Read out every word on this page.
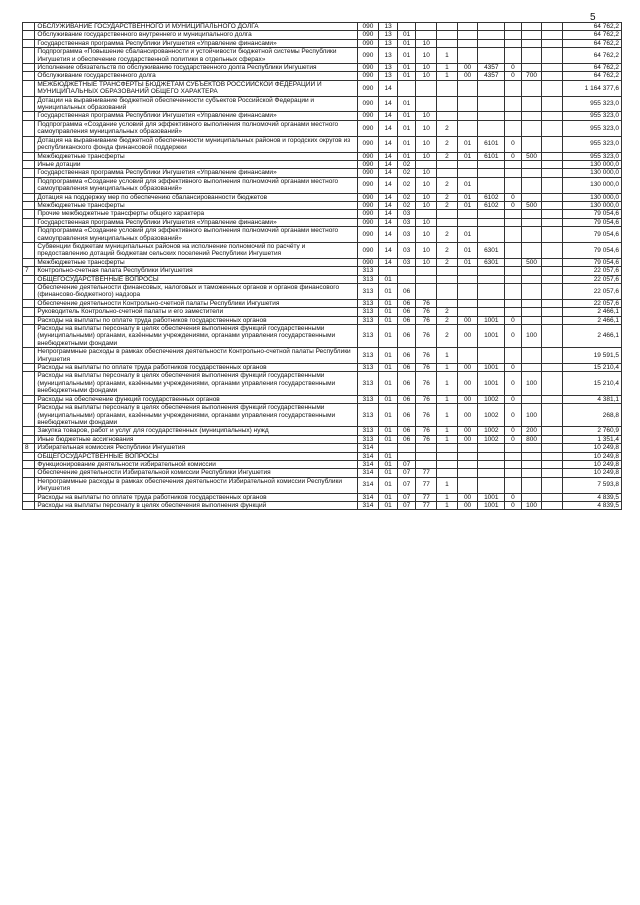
5
	ОБСЛУЖИВАНИЕ ГОСУДАРСТВЕННОГО И МУНИЦИПАЛЬНОГО ДОЛГА	090	13									64 762,2
	Обслуживание государственного внутреннего и муниципального долга	090	13	01								64 762,2
	Государственная программа Республики Ингушетия «Управление финансами»	090	13	01	10							64 762,2
	Подпрограмма «Повышение сбалансированности и устойчивости бюджетной системы Республики Ингушетия и обеспечение государственной политики в отдельных сферах»	090	13	01	10	1						64 762,2
	Исполнение обязательств по обслуживанию государственного долга Республики Ингушетия	090	13	01	10	1	00	4357	0			64 762,2
	Обслуживание государственного долга	090	13	01	10	1	00	4357	0	700		64 762,2
	МЕЖБЮДЖЕТНЫЕ ТРАНСФЕРТЫ БЮДЖЕТАМ СУБЪЕКТОВ РОССИЙСКОЙ ФЕДЕРАЦИИ И МУНИЦИПАЛЬНЫХ ОБРАЗОВАНИЙ ОБЩЕГО ХАРАКТЕРА	090	14									1 164 377,6
	Дотации на выравнивание бюджетной обеспеченности субъектов Российской Федерации и муниципальных образований	090	14	01								955 323,0
	Государственная программа Республики Ингушетия «Управление финансами»	090	14	01	10							955 323,0
	Подпрограмма «Создание условий для эффективного выполнения полномочий органами местного самоуправления муниципальных образований»	090	14	01	10	2						955 323,0
	Дотация на выравнивание бюджетной обеспеченности муниципальных районов и городских округов из республиканского фонда финансовой поддержки	090	14	01	10	2	01	6101	0			955 323,0
	Межбюджетные трансферты	090	14	01	10	2	01	6101	0	500		955 323,0
	Иные дотации	090	14	02								130 000,0
	Государственная программа Республики Ингушетия «Управление финансами»	090	14	02	10							130 000,0
	Подпрограмма «Создание условий для эффективного выполнения полномочий органами местного самоуправления муниципальных образований»	090	14	02	10	2	01					130 000,0
	Дотация на поддержку мер по обеспечению сбалансированности бюджетов	090	14	02	10	2	01	6102	0			130 000,0
	Межбюджетные трансферты	090	14	02	10	2	01	6102	0	500		130 000,0
	Прочие межбюджетные трансферты общего характера	090	14	03								79 054,6
	Государственная программа Республики Ингушетия «Управление финансами»	090	14	03	10							79 054,6
	Подпрограмма «Создание условий для эффективного выполнения полномочий органами местного самоуправления муниципальных образований»	090	14	03	10	2	01					79 054,6
	Субвенции бюджетам муниципальных районов на исполнение полномочий по расчёту и предоставлению дотаций бюджетам сельских поселений Республики Ингушетия	090	14	03	10	2	01	6301				79 054,6
	Межбюджетные трансферты	090	14	03	10	2	01	6301		500		79 054,6
7	Контрольно-счетная палата Республики Ингушетия	313										22 057,6
	ОБЩЕГОСУДАРСТВЕННЫЕ ВОПРОСЫ	313	01									22 057,6
	Обеспечение деятельности финансовых, налоговых и таможенных органов и органов финансового (финансово-бюджетного) надзора	313	01	06								22 057,6
	Обеспечение деятельности Контрольно-счетной палаты Республики Ингушетия	313	01	06	76							22 057,6
	Руководитель Контрольно-счетной палаты и его заместители	313	01	06	76	2						2 466,1
	Расходы на выплаты по оплате труда работников государственных органов	313	01	06	76	2	00	1001	0			2 466,1
	Расходы на выплаты персоналу в целях обеспечения выполнения функций государственными (муниципальными) органами, казёнными учреждениями, органами управления государственными внебюджетными фондами	313	01	06	76	2	00	1001	0	100		2 466,1
	Непрограммные расходы в рамках обеспечения деятельности Контрольно-счетной палаты Республики Ингушетия	313	01	06	76	1						19 591,5
	Расходы на выплаты по оплате труда работников государственных органов	313	01	06	76	1	00	1001	0			15 210,4
	Расходы на выплаты персоналу в целях обеспечения выполнения функций государственными (муниципальными) органами, казёнными учреждениями, органами управления государственными внебюджетными фондами	313	01	06	76	1	00	1001	0	100		15 210,4
	Расходы на обеспечение функций государственных органов	313	01	06	76	1	00	1002	0			4 381,1
	Расходы на выплаты персоналу в целях обеспечения выполнения функций государственными (муниципальными) органами, казёнными учреждениями, органами управления государственными внебюджетными фондами	313	01	06	76	1	00	1002	0	100		268,8
	Закупка товаров, работ и услуг для государственных (муниципальных) нужд	313	01	06	76	1	00	1002	0	200		2 760,9
	Иные бюджетные ассигнования	313	01	06	76	1	00	1002	0	800		1 351,4
8	Избирательная комиссия Республики Ингушетия	314										10 249,8
	ОБЩЕГОСУДАРСТВЕННЫЕ ВОПРОСЫ	314	01									10 249,8
	Функционирование деятельности избирательной комиссии	314	01	07								10 249,8
	Обеспечение деятельности Избирательной комиссии Республики Ингушетия	314	01	07	77							10 249,8
	Непрограммные расходы в рамках обеспечения деятельности Избирательной комиссии Республики Ингушетия	314	01	07	77	1						7 593,8
	Расходы на выплаты по оплате труда работников государственных органов	314	01	07	77	1	00	1001	0			4 839,5
	Расходы на выплаты персоналу в целях обеспечения выполнения функций	314	01	07	77	1	00	1001	0	100		4 839,5
